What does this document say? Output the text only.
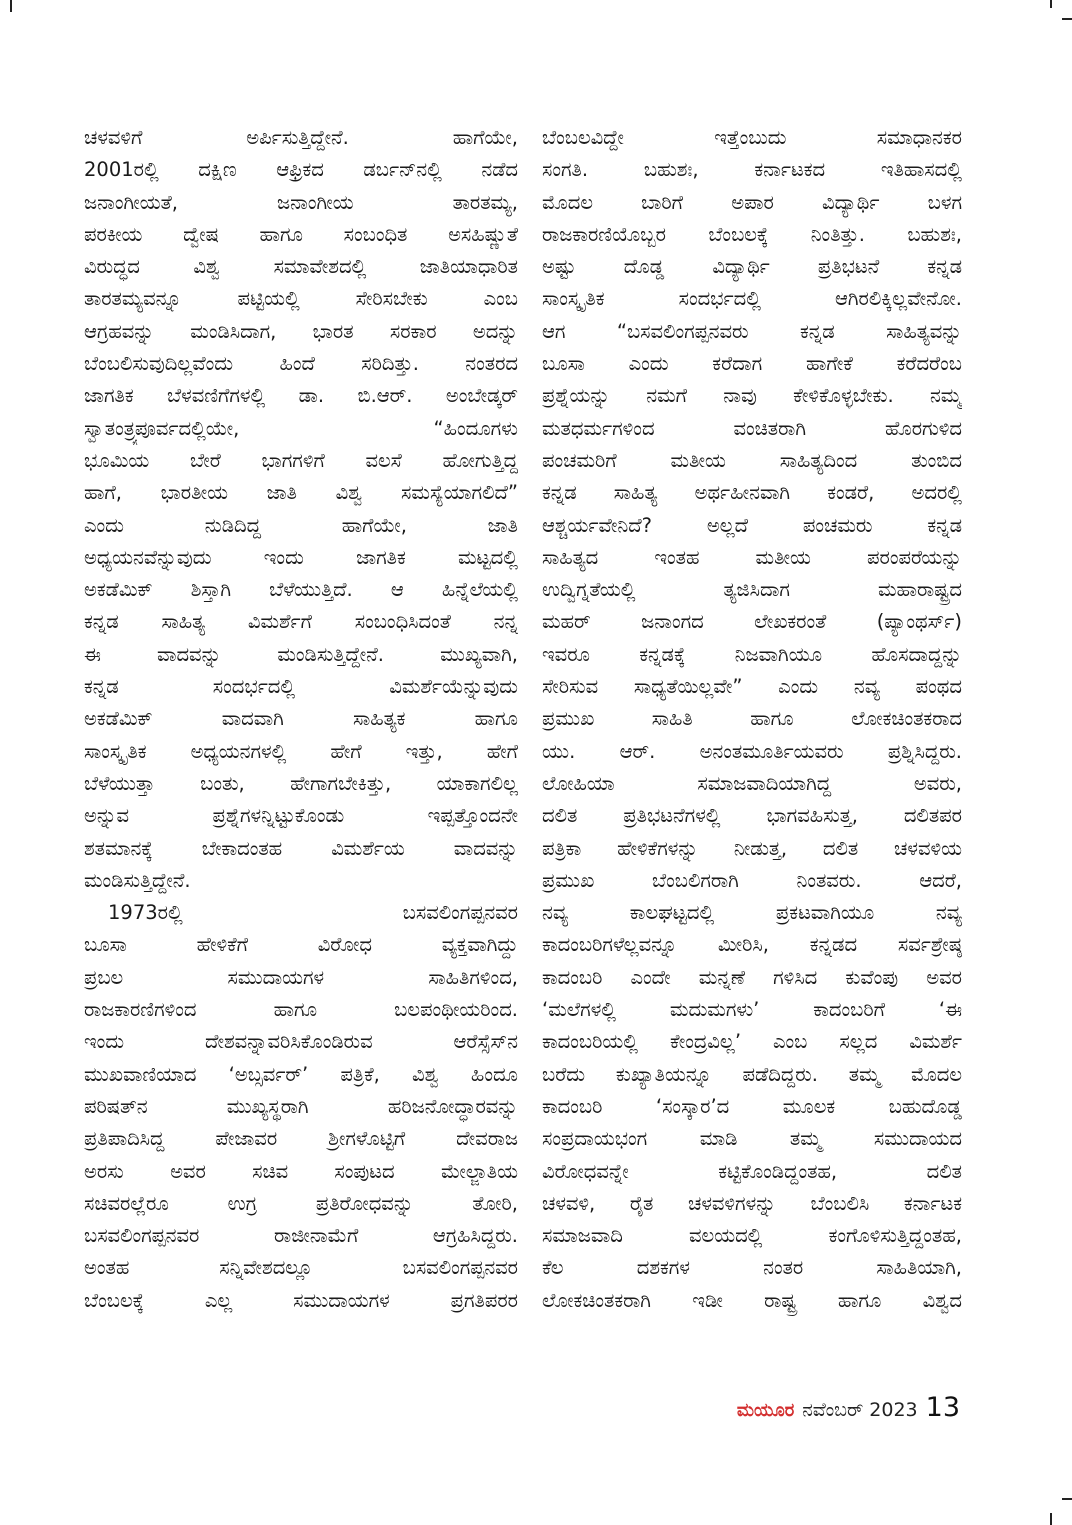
ಚಳವಳಿಗೆ ಅರ್ಪಿಸುತ್ತಿದ್ದೇನೆ. ಹಾಗೆಯೇ,
2001ರಲ್ಲಿ ದಕ್ಷಿಣ ಆಫ್ರಿಕದ ಡರ್ಬನ್‌ನಲ್ಲಿ ನಡೆದ
ಜನಾಂಗೀಯತೆ, ಜನಾಂಗೀಯ ತಾರತಮ್ಯ,
ಪರಕೀಯ ದ್ವೇಷ ಹಾಗೂ ಸಂಬಂಧಿತ ಅಸಹಿಷ್ಣುತೆ
ವಿರುದ್ಧದ ವಿಶ್ವ ಸಮಾವೇಶದಲ್ಲಿ ಜಾತಿಯಾಧಾರಿತ
ತಾರತಮ್ಯವನ್ನೂ ಪಟ್ಟಿಯಲ್ಲಿ ಸೇರಿಸಬೇಕು ಎಂಬ
ಆಗ್ರಹವನ್ನು ಮಂಡಿಸಿದಾಗ, ಭಾರತ ಸರಕಾರ ಅದನ್ನು
ಬೆಂಬಲಿಸುವುದಿಲ್ಲವೆಂದು ಹಿಂದೆ ಸರಿದಿತ್ತು. ನಂತರದ
ಜಾಗತಿಕ ಬೆಳವಣಿಗೆಗಳಲ್ಲಿ ಡಾ. ಬಿ.ಆರ್. ಅಂಬೇಡ್ಕರ್
ಸ್ವಾತಂತ್ರ್ಯಪೂರ್ವದಲ್ಲಿಯೇ, “ಹಿಂದೂಗಳು
ಭೂಮಿಯ ಬೇರೆ ಭಾಗಗಳಿಗೆ ವಲಸೆ ಹೋಗುತ್ತಿದ್ದ
ಹಾಗೆ, ಭಾರತೀಯ ಜಾತಿ ವಿಶ್ವ ಸಮಸ್ಯೆಯಾಗಲಿದೆ”
ಎಂದು ನುಡಿದಿದ್ದ ಹಾಗೆಯೇ, ಜಾತಿ
ಅಧ್ಯಯನವೆನ್ನುವುದು ಇಂದು ಜಾಗತಿಕ ಮಟ್ಟದಲ್ಲಿ
ಅಕಡೆಮಿಕ್ ಶಿಸ್ತಾಗಿ ಬೆಳೆಯುತ್ತಿದೆ. ಆ ಹಿನ್ನೆಲೆಯಲ್ಲಿ
ಕನ್ನಡ ಸಾಹಿತ್ಯ ವಿಮರ್ಶೆಗೆ ಸಂಬಂಧಿಸಿದಂತೆ ನನ್ನ
ಈ ವಾದವನ್ನು ಮಂಡಿಸುತ್ತಿದ್ದೇನೆ. ಮುಖ್ಯವಾಗಿ,
ಕನ್ನಡ ಸಂದರ್ಭದಲ್ಲಿ ವಿಮರ್ಶೆಯೆನ್ನುವುದು
ಅಕಡೆಮಿಕ್ ವಾದವಾಗಿ ಸಾಹಿತ್ಯಕ ಹಾಗೂ
ಸಾಂಸ್ಕೃತಿಕ ಅಧ್ಯಯನಗಳಲ್ಲಿ ಹೇಗೆ ಇತ್ತು, ಹೇಗೆ
ಬೆಳೆಯುತ್ತಾ ಬಂತು, ಹೇಗಾಗಬೇಕಿತ್ತು, ಯಾಕಾಗಲಿಲ್ಲ
ಅನ್ನುವ ಪ್ರಶ್ನೆಗಳನ್ನಿಟ್ಟುಕೊಂಡು ಇಪ್ಪತ್ತೊಂದನೇ
ಶತಮಾನಕ್ಕೆ ಬೇಕಾದಂತಹ ವಿಮರ್ಶೆಯ ವಾದವನ್ನು
ಮಂಡಿಸುತ್ತಿದ್ದೇನೆ.
1973ರಲ್ಲಿ ಬಸವಲಿಂಗಪ್ಪನವರ
ಬೂಸಾ ಹೇಳಿಕೆಗೆ ವಿರೋಧ ವ್ಯಕ್ತವಾಗಿದ್ದು
ಪ್ರಬಲ ಸಮುದಾಯಗಳ ಸಾಹಿತಿಗಳಿಂದ,
ರಾಜಕಾರಣಿಗಳಿಂದ ಹಾಗೂ ಬಲಪಂಥೀಯರಿಂದ.
ಇಂದು ದೇಶವನ್ನಾವರಿಸಿಕೊಂಡಿರುವ ಆರೆಸ್ಸೆಸ್‌ನ
ಮುಖವಾಣಿಯಾದ ‘ಅಬ್ಸರ್ವರ್’ ಪತ್ರಿಕೆ, ವಿಶ್ವ ಹಿಂದೂ
ಪರಿಷತ್‌ನ ಮುಖ್ಯಸ್ಥರಾಗಿ ಹರಿಜನೋದ್ಧಾರವನ್ನು
ಪ್ರತಿಪಾದಿಸಿದ್ದ ಪೇಜಾವರ ಶ್ರೀಗಳೊಟ್ಟಿಗೆ ದೇವರಾಜ
ಅರಸು ಅವರ ಸಚಿವ ಸಂಪುಟದ ಮೇಲ್ಜಾತಿಯ
ಸಚಿವರಲ್ಲೆರೂ ಉಗ್ರ ಪ್ರತಿರೋಧವನ್ನು ತೋರಿ,
ಬಸವಲಿಂಗಪ್ಪನವರ ರಾಜೀನಾಮೆಗೆ ಆಗ್ರಹಿಸಿದ್ದರು.
ಅಂತಹ ಸನ್ನಿವೇಶದಲ್ಲೂ ಬಸವಲಿಂಗಪ್ಪನವರ
ಬೆಂಬಲಕ್ಕೆ ಎಲ್ಲ ಸಮುದಾಯಗಳ ಪ್ರಗತಿಪರರ
ಬೆಂಬಲವಿದ್ದೇ ಇತ್ತೆಂಬುದು ಸಮಾಧಾನಕರ
ಸಂಗತಿ. ಬಹುಶಃ, ಕರ್ನಾಟಕದ ಇತಿಹಾಸದಲ್ಲಿ
ಮೊದಲ ಬಾರಿಗೆ ಅಪಾರ ವಿದ್ಯಾರ್ಥಿ ಬಳಗ
ರಾಜಕಾರಣಿಯೊಬ್ಬರ ಬೆಂಬಲಕ್ಕೆ ನಿಂತಿತ್ತು. ಬಹುಶಃ,
ಅಷ್ಟು ದೊಡ್ಡ ವಿದ್ಯಾರ್ಥಿ ಪ್ರತಿಭಟನೆ ಕನ್ನಡ
ಸಾಂಸ್ಕೃತಿಕ ಸಂದರ್ಭದಲ್ಲಿ ಆಗಿರಲಿಕ್ಕಿಲ್ಲವೇನೋ.
ಆಗ “ಬಸವಲಿಂಗಪ್ಪನವರು ಕನ್ನಡ ಸಾಹಿತ್ಯವನ್ನು
ಬೂಸಾ ಎಂದು ಕರೆದಾಗ ಹಾಗೇಕೆ ಕರೆದರೆಂಬ
ಪ್ರಶ್ನೆಯನ್ನು ನಮಗೆ ನಾವು ಕೇಳಿಕೊಳ್ಳಬೇಕು. ನಮ್ಮ
ಮತಧರ್ಮಗಳಿಂದ ವಂಚಿತರಾಗಿ ಹೊರಗುಳಿದ
ಪಂಚಮರಿಗೆ ಮತೀಯ ಸಾಹಿತ್ಯದಿಂದ ತುಂಬಿದ
ಕನ್ನಡ ಸಾಹಿತ್ಯ ಅರ್ಥಹೀನವಾಗಿ ಕಂಡರೆ, ಅದರಲ್ಲಿ
ಆಶ್ಚರ್ಯವೇನಿದೆ? ಅಲ್ಲದೆ ಪಂಚಮರು ಕನ್ನಡ
ಸಾಹಿತ್ಯದ ಇಂತಹ ಮತೀಯ ಪರಂಪರೆಯನ್ನು
ಉದ್ವಿಗ್ನತೆಯಲ್ಲಿ ತ್ಯಜಿಸಿದಾಗ ಮಹಾರಾಷ್ಟ್ರದ
ಮಹರ್ ಜನಾಂಗದ ಲೇಖಕರಂತೆ (ಪ್ಯಾಂಥರ್ಸ್)
ಇವರೂ ಕನ್ನಡಕ್ಕೆ ನಿಜವಾಗಿಯೂ ಹೊಸದಾದ್ದನ್ನು
ಸೇರಿಸುವ ಸಾಧ್ಯತೆಯಿಲ್ಲವೇ” ಎಂದು ನವ್ಯ ಪಂಥದ
ಪ್ರಮುಖ ಸಾಹಿತಿ ಹಾಗೂ ಲೋಕಚಿಂತಕರಾದ
ಯು. ಆರ್. ಅನಂತಮೂರ್ತಿಯವರು ಪ್ರಶ್ನಿಸಿದ್ದರು.
ಲೋಹಿಯಾ ಸಮಾಜವಾದಿಯಾಗಿದ್ದ ಅವರು,
ದಲಿತ ಪ್ರತಿಭಟನೆಗಳಲ್ಲಿ ಭಾಗವಹಿಸುತ್ತ, ದಲಿತಪರ
ಪತ್ರಿಕಾ ಹೇಳಿಕೆಗಳನ್ನು ನೀಡುತ್ತ, ದಲಿತ ಚಳವಳಿಯ
ಪ್ರಮುಖ ಬೆಂಬಲಿಗರಾಗಿ ನಿಂತವರು. ಆದರೆ,
ನವ್ಯ ಕಾಲಘಟ್ಟದಲ್ಲಿ ಪ್ರಕಟವಾಗಿಯೂ ನವ್ಯ
ಕಾದಂಬರಿಗಳೆಲ್ಲವನ್ನೂ ಮೀರಿಸಿ, ಕನ್ನಡದ ಸರ್ವಶ್ರೇಷ್ಠ
ಕಾದಂಬರಿ ಎಂದೇ ಮನ್ನಣೆ ಗಳಿಸಿದ ಕುವೆಂಪು ಅವರ
‘ಮಲೆಗಳಲ್ಲಿ ಮದುಮಗಳು’ ಕಾದಂಬರಿಗೆ ‘ಈ
ಕಾದಂಬರಿಯಲ್ಲಿ ಕೇಂದ್ರವಿಲ್ಲ’ ಎಂಬ ಸಲ್ಲದ ವಿಮರ್ಶೆ
ಬರೆದು ಕುಖ್ಯಾತಿಯನ್ನೂ ಪಡೆದಿದ್ದರು. ತಮ್ಮ ಮೊದಲ
ಕಾದಂಬರಿ ‘ಸಂಸ್ಕಾರ’ದ ಮೂಲಕ ಬಹುದೊಡ್ಡ
ಸಂಪ್ರದಾಯಭಂಗ ಮಾಡಿ ತಮ್ಮ ಸಮುದಾಯದ
ವಿರೋಧವನ್ನೇ ಕಟ್ಟಿಕೊಂಡಿದ್ದಂತಹ, ದಲಿತ
ಚಳವಳಿ, ರೈತ ಚಳವಳಿಗಳನ್ನು ಬೆಂಬಲಿಸಿ ಕರ್ನಾಟಕ
ಸಮಾಜವಾದಿ ವಲಯದಲ್ಲಿ ಕಂಗೊಳಿಸುತ್ತಿದ್ದಂತಹ,
ಕೆಲ ದಶಕಗಳ ನಂತರ ಸಾಹಿತಿಯಾಗಿ,
ಲೋಕಚಿಂತಕರಾಗಿ ಇಡೀ ರಾಷ್ಟ್ರ ಹಾಗೂ ವಿಶ್ವದ
ಮಯೂರ ನವೆಂಬರ್ 2023 13
